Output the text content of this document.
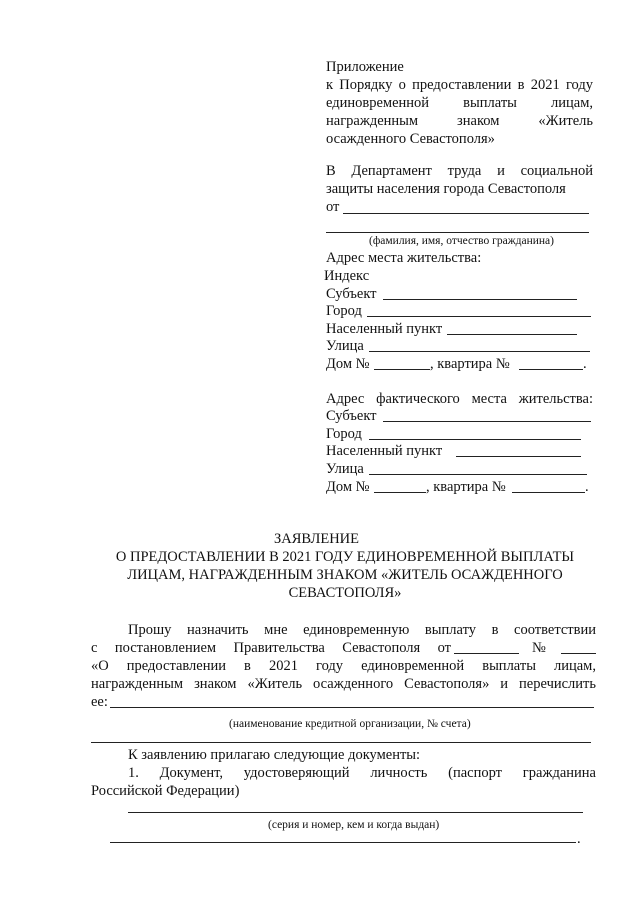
Приложение
к Порядку о предоставлении в 2021 году
единовременной выплаты лицам,
награжденным знаком «Житель
осажденного Севастополя»
В Департамент труда и социальной
защиты населения города Севастополя
от
(фамилия, имя, отчество гражданина)
Адрес места жительства:
Индекс
Субъект
Город
Населенный пункт
Улица
Дом №	, квартира №	.
Адрес фактического места жительства:
Субъект
Город
Населенный пункт
Улица
Дом №	, квартира №	.
ЗАЯВЛЕНИЕ
О ПРЕДОСТАВЛЕНИИ В 2021 ГОДУ ЕДИНОВРЕМЕННОЙ ВЫПЛАТЫ
ЛИЦАМ, НАГРАЖДЕННЫМ ЗНАКОМ «ЖИТЕЛЬ ОСАЖДЕННОГО
СЕВАСТОПОЛЯ»
Прошу назначить мне единовременную выплату в соответствии
с постановлением Правительства Севастополя от	№
«О предоставлении в 2021 году единовременной выплаты лицам,
награжденным знаком «Житель осажденного Севастополя» и перечислить
ее:
(наименование кредитной организации, № счета)
К заявлению прилагаю следующие документы:
1. Документ, удостоверяющий личность (паспорт гражданина
Российской Федерации)
(серия и номер, кем и когда выдан)
.
